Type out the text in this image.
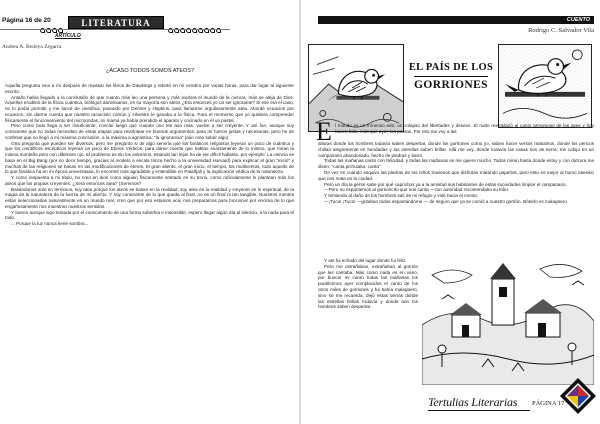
Página 16 de 20	LITERATURA
ARTÍCULO
Andrea A. Bedoya Zegarra
¿ACASO TODOS SOMOS ATEOS?

Aquella pregunta vino a mí después de repasar los libros de Dawkings y rebotó en mi cerebro por varias horas, para dar lugar al siguiente escrito:

Antaño había llegado a la conclusión de que cuanto más leo una persona y más explora el mundo de la ciencia, más se aleja de Dios. Aquellos eruditos de la física cuántica, biólogos darwinianos, en su mayoría son ateos ¿Era entonces yo un ser ignorante? Si ese era el caso, no lo podía permitir y me lancé de cientifica, pasando por Dennet y Hopkins, para llamarme orgullosamente atea. Abordé ecuacion por ecuacion, sin darme cuenta que nuestro raciocinio común y silvestre le ganaba a la física. Para el momento que yo quisiera comprender fisicamente el funcionamiento del microondas, mi mamá ya había prendido el aparato y cocinado en él un pastel.

Pero como todo llega a ser insuficiente, concluí luego que cuando uno lee aún más, vuelve a ser creyente. Y así fue, aunque soy consciente que no todas necesitan de estas etapas para revolotear en buenos argumentos, para mí fueron justas y necesarias, pero he de confesar que no llegó a mí máxima conclusión, a la máxima a agnóstica: "la ignorancia" (aún creo saber algo).

Otra pregunta que pueden ser diversos, pero me pregunto si de algo serviría que los fanáticos religiosos leyeran un poco de cuántica y que los científicos escépticos leyeran un poco de Ebrios Védicos, para darse cuenta que hablan exactamente de lo mismo, que miran la misma montaña pero con diferente ojo. El problema es sin los extremos, estando tan lejos ha de ser difícil hallarse, por ejemplo: La ciencia se basa en el Big Bang (por no decir tiempo, gracias al modelo a escala tórica hecho a la universidad Harvard) para explicar el gran "inicio" y muchas de las religiones se basan en las modificaciones de éteres. El gran aliento, el gran inicio, el tiempo, los multiversos, todo aquello de lo que fanática ha en mi época universitaria, lo encontré más agradable y entendible en Patañjali y la explicación védica de la naturaleza.

Y como respuesta a mi título, no creo en dios como alguien físicamente sentado en su trono, como ridículamente lo plantean más los ateos que los propios creyentes. ¿Será entonces atea? (Seremos?

Basándonos solo en términos, soy atea porque los ateos se basan en la realidad; soy atea en la realidad y creyente en lo espiritual, de la magia de la naturaleza de la fuerza de mi aliento. Y soy consciente de lo que queda al final, no es un final ni tan tangible. Nuestros mentes están seleccionadas naturalmente en un mundo real, creo que por eso estamos acá, nos preparamos para funcionar por encima de lo que engañosamente nos muestran nuestros sentidos.

Y bueno aunque sigo tentada por el conocimiento de una forma soberbia e insensible, espero llegar algún día al silencio, a la nada para el todo.

... Porque la luz nunca tiene sombra...

CUENTO
Rodrigo C. Salvador Vila
EL PAÍS DE LOS
GORRIONES
E l mundo es un inmenso edo, un colapso del libertades y deseos. El ruido reemplazó al canto armonioso de las aves y hoy hacen falta, más que ayer, los poetas. Por eso me voy a las

alturas donde los hombres todavía saben despertar, donde los gorriones como yo, saben hacer versos matutinos, donde los pericos chillan alegremente en bandadas y las estrellas saben brillar. Allá me voy, donde todavía las casas son de tierra; me cobijo en un campanario abandonado, hecho de piedras y barro.

Todas las mañanas canto con felicidad, y todas las mañanas se me quiere mucho. Todos miran hasta donde estoy y con dulzura me dicen: "canta pichuiaita, canta".

De vez en cuando esquivo las piedras de los niños traviesos que disfrutan matando pajaritos, pero esto es mejor al humo asesino que nos mata en la ciudad.

Pero un día la gente sabe por qué caprichos ya a la amistad sus habitantes de estas sociedades limpiar el campanario.

—Pero no espantemos al gorrioncito que nos canta —con autoridad recomendaba su líder.

Y temiendo al daño de los hombres salí de mi refugio y volé hacia el monte.

—¡Tuco! ¡Tuco! —gritaban todos espantándome — de seguro que ya se comió a nuestro gorrión. Bóterlo es malagüero.

Y así fui echado del lugar donde fui feliz.

Pero me extrañaban, extrañaban al gorrión que les cantaba. Más como nada es en vano, por buscar mi canto todas las mañanas los pueblerinos ayer complacidos el canto de los otros miles de gorriones y fui bahía malagüero, sino se me recuerda, dejó estas tierras donde las estrellas brillan todavía y donde aún los hombres saben despertar.

Tertulias Literarias PÁGINA 17
